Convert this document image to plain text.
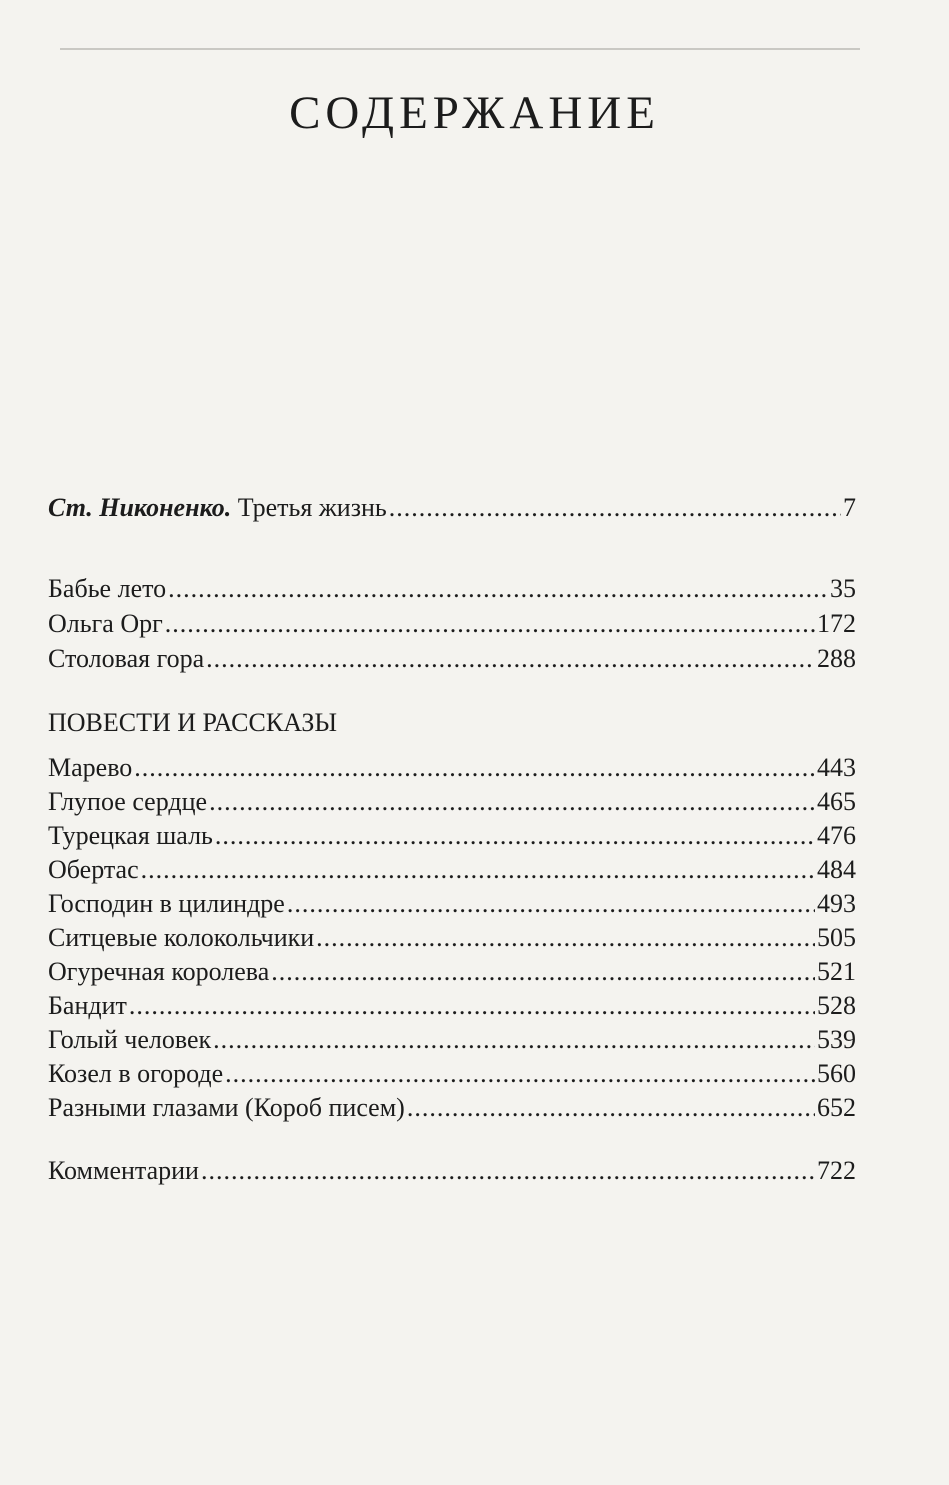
СОДЕРЖАНИЕ
Ст. Никоненко. Третья жизнь .....	7
Бабье лето .....	35
Ольга Орг .....	172
Столовая гора .....	288
ПОВЕСТИ И РАССКАЗЫ
Марево .....	443
Глупое сердце .....	465
Турецкая шаль .....	476
Обертас .....	484
Господин в цилиндре .....	493
Ситцевые колокольчики .....	505
Огуречная королева .....	521
Бандит .....	528
Голый человек .....	539
Козел в огороде .....	560
Разными глазами (Короб писем) .....	652
Комментарии .....	722
